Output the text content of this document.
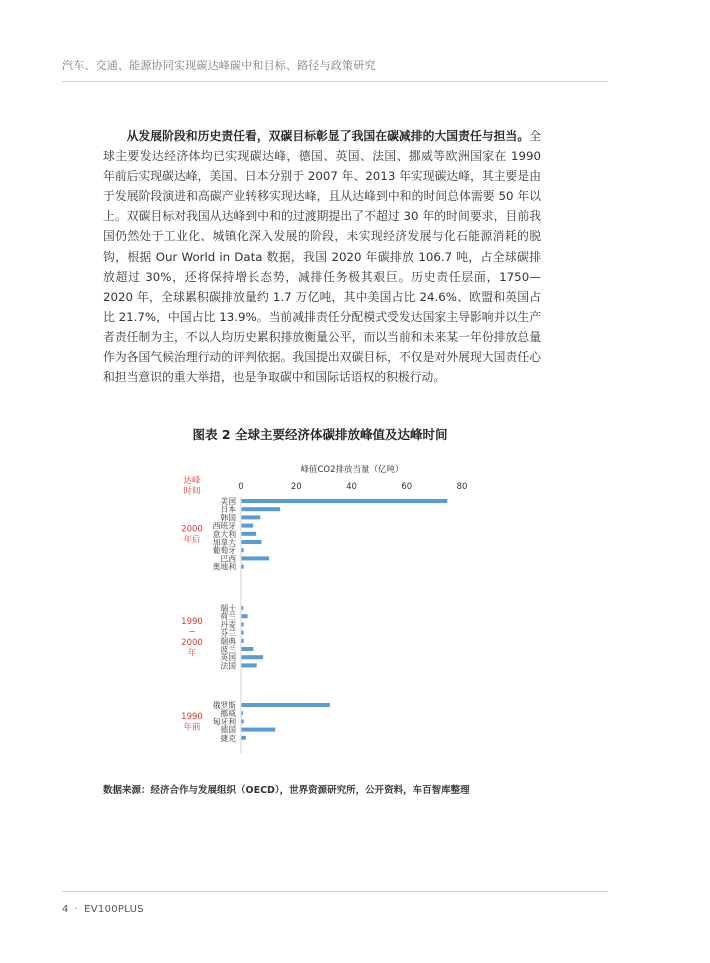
汽车、交通、能源协同实现碳达峰碳中和目标、路径与政策研究

从发展阶段和历史责任看，双碳目标彰显了我国在碳减排的大国责任与担当。全球主要发达经济体均已实现碳达峰，德国、英国、法国、挪威等欧洲国家在 1990 年前后实现碳达峰，美国、日本分别于 2007 年、2013 年实现碳达峰，其主要是由于发展阶段演进和高碳产业转移实现达峰，且从达峰到中和的时间总体需要 50 年以上。双碳目标对我国从达峰到中和的过渡期提出了不超过 30 年的时间要求，目前我国仍然处于工业化、城镇化深入发展的阶段，未实现经济发展与化石能源消耗的脱钩，根据 Our World in Data 数据，我国 2020 年碳排放 106.7 吨，占全球碳排放超过 30%，还将保持增长态势，减排任务极其艰巨。历史责任层面，1750—2020 年，全球累积碳排放量约 1.7 万亿吨，其中美国占比 24.6%、欧盟和英国占比 21.7%，中国占比 13.9%。当前减排责任分配模式受发达国家主导影响并以生产者责任制为主，不以人均历史累积排放衡量公平，而以当前和未来某一年份排放总量作为各国气候治理行动的评判依据。我国提出双碳目标，不仅是对外展现大国责任心和担当意识的重大举措，也是争取碳中和国际话语权的积极行动。

图表 2 全球主要经济体碳排放峰值及达峰时间
峰值CO2排放当量（亿吨）
0	20	40	60	80
达峰
时间
美国
日本
韩国
西班牙
意大利
加拿大
葡萄牙
巴西
奥地利
2000
年后
瑞士
荷兰
丹麦
芬兰
瑞典
波兰
英国
法国
1990
~
2000
年
俄罗斯
挪威
匈牙利
德国
捷克
1990
年前
数据来源：经济合作与发展组织（OECD），世界资源研究所，公开资料，车百智库整理
4 · EV100PLUS
